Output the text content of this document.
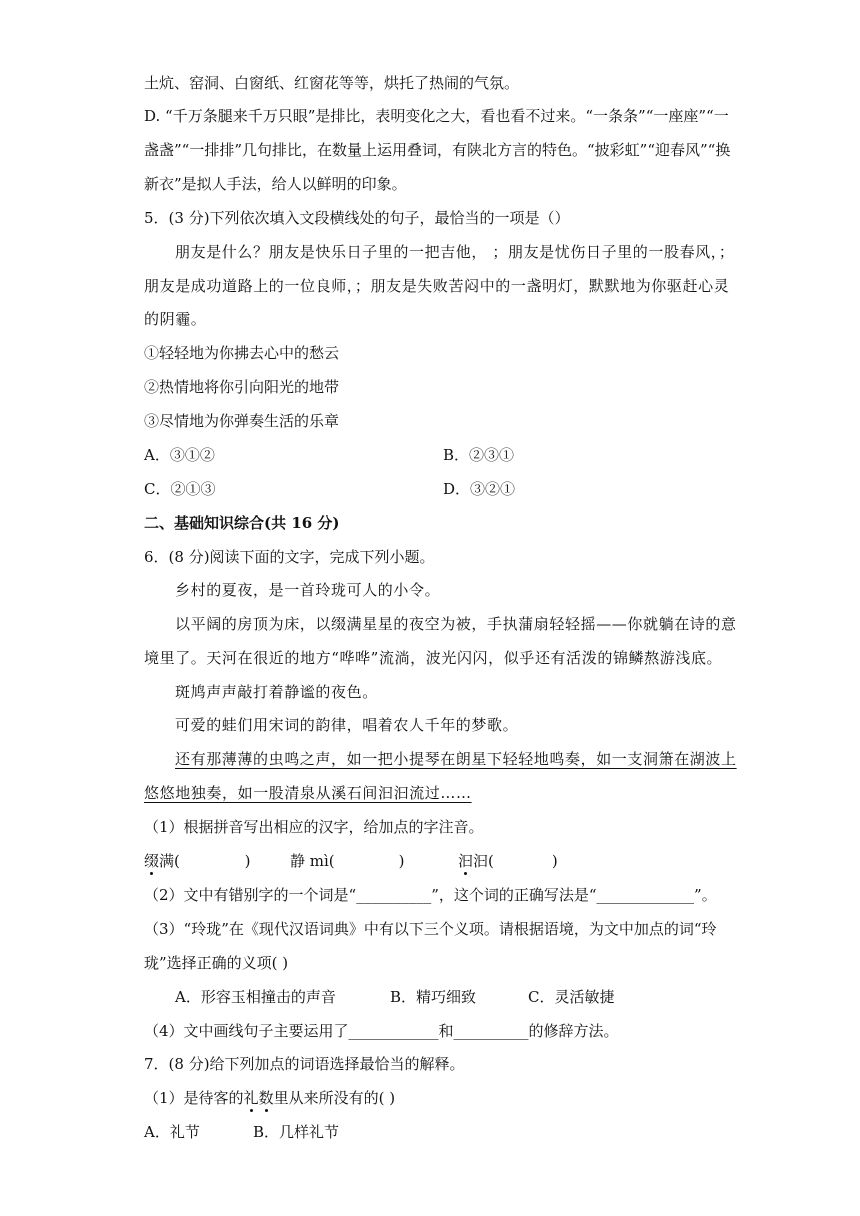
土炕、窑洞、白窗纸、红窗花等等，烘托了热闹的气氛。
D. “千万条腿来千万只眼”是排比，表明变化之大，看也看不过来。“一条条”“一座座”“一
盏盏”“一排排”几句排比，在数量上运用叠词，有陕北方言的特色。“披彩虹”“迎春风”“换
新衣”是拟人手法，给人以鲜明的印象。
5．(3 分)下列依次填入文段横线处的句子，最恰当的一项是（）
朋友是什么？朋友是快乐日子里的一把吉他， ；朋友是忧伤日子里的一股春风，；
朋友是成功道路上的一位良师，；朋友是失败苦闷中的一盏明灯，默默地为你驱赶心灵
的阴霾。
①轻轻地为你拂去心中的愁云
②热情地将你引向阳光的地带
③尽情地为你弹奏生活的乐章
A．③①②	B．②③①
C．②①③	D．③②①
二、基础知识综合(共 16 分)
6．(8 分)阅读下面的文字，完成下列小题。
乡村的夏夜，是一首玲珑可人的小令。
以平阔的房顶为床，以缀满星星的夜空为被，手执蒲扇轻轻摇——你就躺在诗的意
境里了。天河在很近的地方“哗哗”流淌，波光闪闪，似乎还有活泼的锦鳞熬游浅底。
斑鸠声声敲打着静谧的夜色。
可爱的蛙们用宋词的韵律，唱着农人千年的梦歌。
还有那薄薄的虫鸣之声，如一把小提琴在朗星下轻轻地鸣奏，如一支洞箫在湖波上
悠悠地独奏，如一股清泉从溪石间汩汩流过……
（1）根据拼音写出相应的汉字，给加点的字注音。
缀满(	)	静 mì(	)	汩汩(	)
（2）文中有错别字的一个词是“__________”，这个词的正确写法是“_____________”。
（3）“玲珑”在《现代汉语词典》中有以下三个义项。请根据语境，为文中加点的词“玲
珑”选择正确的义项( )
A．形容玉相撞击的声音	B．精巧细致	C．灵活敏捷
（4）文中画线句子主要运用了____________和__________的修辞方法。
7．(8 分)给下列加点的词语选择最恰当的解释。
（1）是待客的礼数里从来所没有的( )
A．礼节	B．几样礼节
